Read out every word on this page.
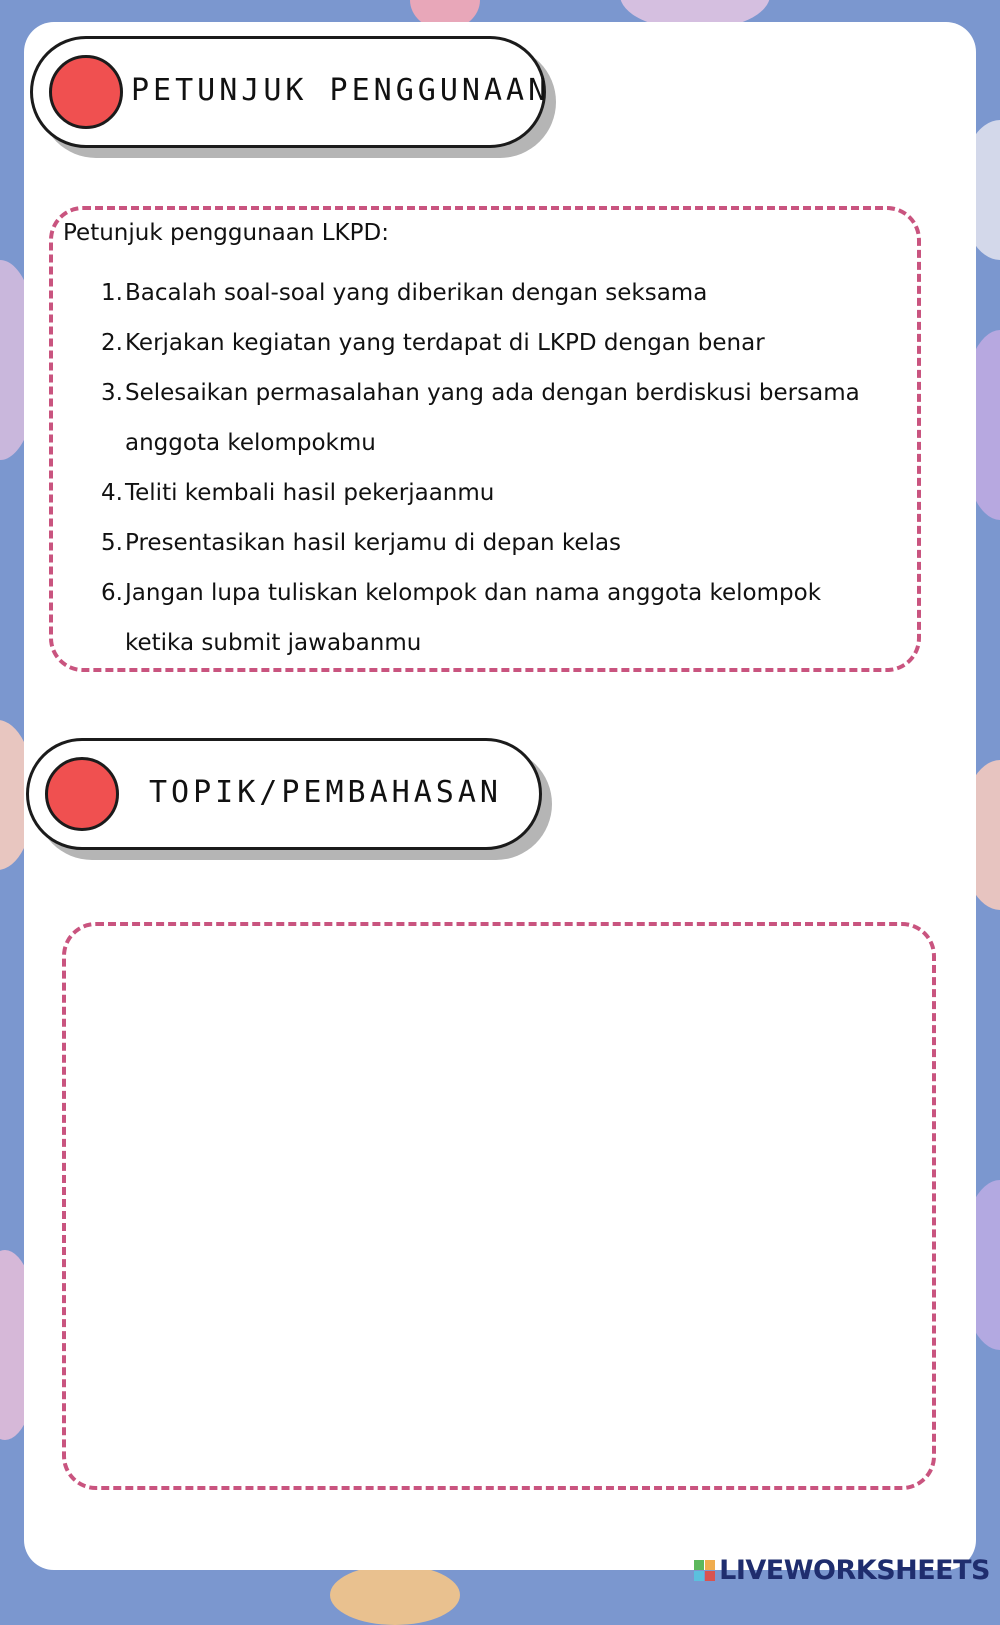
PETUNJUK PENGGUNAAN
Petunjuk penggunaan LKPD:
1. Bacalah soal-soal yang diberikan dengan seksama
2. Kerjakan kegiatan yang terdapat di LKPD dengan benar
3. Selesaikan permasalahan yang ada dengan berdiskusi bersama anggota kelompokmu
4. Teliti kembali hasil pekerjaanmu
5. Presentasikan hasil kerjamu di depan kelas
6. Jangan lupa tuliskan kelompok dan nama anggota kelompok ketika submit jawabanmu
TOPIK/PEMBAHASAN
LIVEWORKSHEETS
